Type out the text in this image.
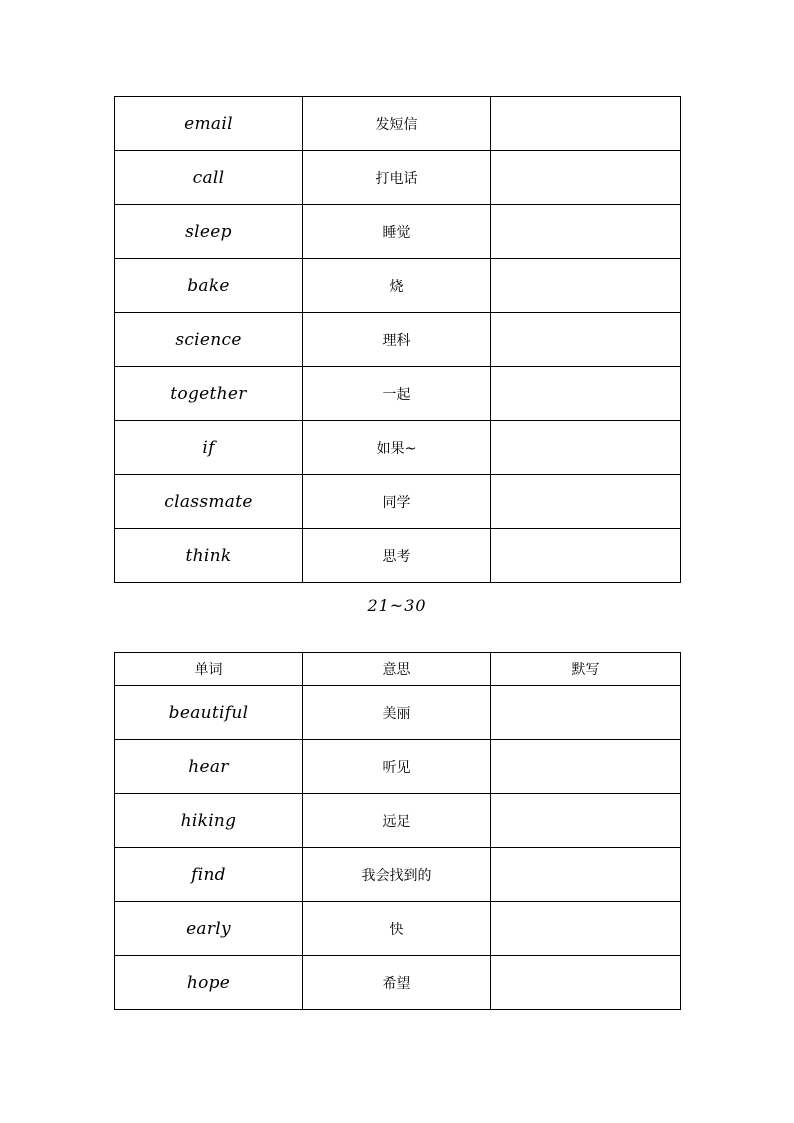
email	发短信	
call	打电话	
sleep	睡觉	
bake	烧	
science	理科	
together	一起	
if	如果~	
classmate	同学	
think	思考	
21~30
单词	意思	默写
beautiful	美丽	
hear	听见	
hiking	远足	
find	我会找到的	
early	快	
hope	希望	
